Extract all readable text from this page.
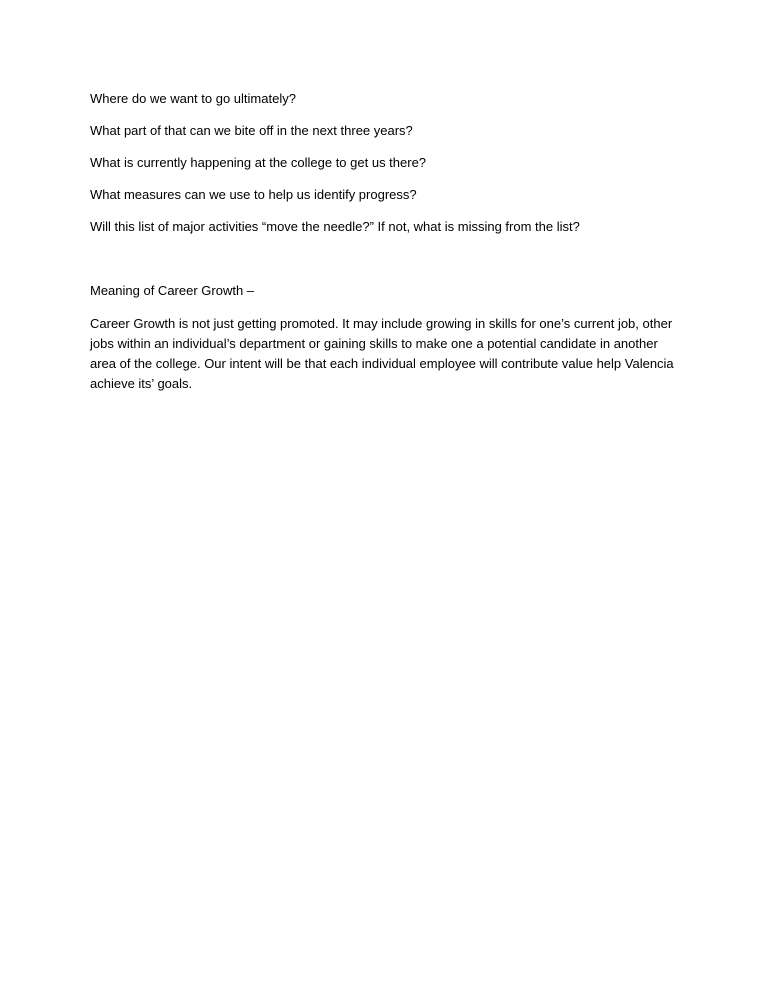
Where do we want to go ultimately?

What part of that can we bite off in the next three years?

What is currently happening at the college to get us there?

What measures can we use to help us identify progress?

Will this list of major activities “move the needle?” If not, what is missing from the list?

Meaning of Career Growth –

Career Growth is not just getting promoted. It may include growing in skills for one’s current job, other jobs within an individual’s department or gaining skills to make one a potential candidate in another area of the college. Our intent will be that each individual employee will contribute value help Valencia achieve its’ goals.
